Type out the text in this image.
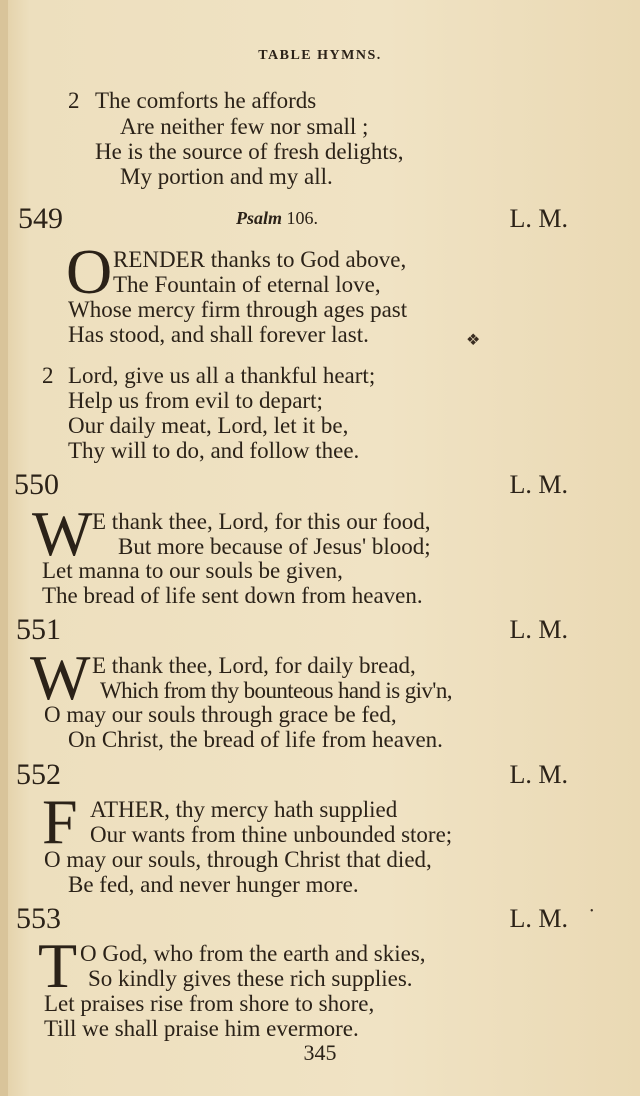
TABLE HYMNS.
2 The comforts he affords
Are neither few nor small ;
He is the source of fresh delights,
My portion and my all.
549	Psalm 106.	L. M.
O RENDER thanks to God above,
The Fountain of eternal love,
Whose mercy firm through ages past
Has stood, and shall forever last.	❖
2 Lord, give us all a thankful heart;
Help us from evil to depart;
Our daily meat, Lord, let it be,
Thy will to do, and follow thee.
550	L. M.
W E thank thee, Lord, for this our food,
But more because of Jesus' blood;
Let manna to our souls be given,
The bread of life sent down from heaven.
551	L. M.
W E thank thee, Lord, for daily bread,
Which from thy bounteous hand is giv'n,
O may our souls through grace be fed,
On Christ, the bread of life from heaven.
552	L. M.
F ATHER, thy mercy hath supplied
Our wants from thine unbounded store;
O may our souls, through Christ that died,
Be fed, and never hunger more.
553	L. M. •
T O God, who from the earth and skies,
So kindly gives these rich supplies.
Let praises rise from shore to shore,
Till we shall praise him evermore.
345
